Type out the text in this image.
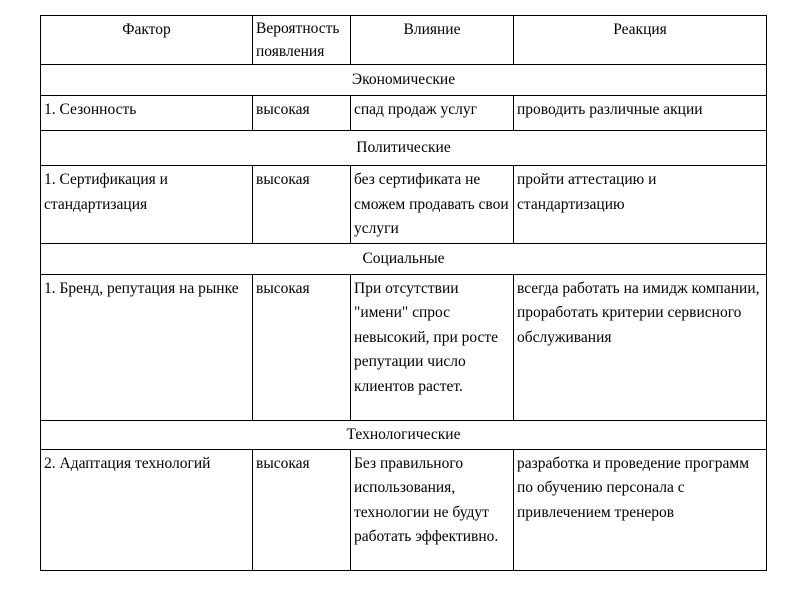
Фактор	Вероятность появления	Влияние	Реакция
Экономические			
1. Сезонность	высокая	спад продаж услуг	проводить различные акции
Политические			
1. Сертификация и стандартизация	высокая	без сертификата не сможем продавать свои услуги	пройти аттестацию и стандартизацию
Социальные			
1. Бренд, репутация на рынке	высокая	При отсутствии "имени" спрос невысокий, при росте репутации число клиентов растет.	всегда работать на имидж компании, проработать критерии сервисного обслуживания
Технологические			
2. Адаптация технологий	высокая	Без правильного использования, технологии не будут работать эффективно.	разработка и проведение программ по обучению персонала с привлечением тренеров
